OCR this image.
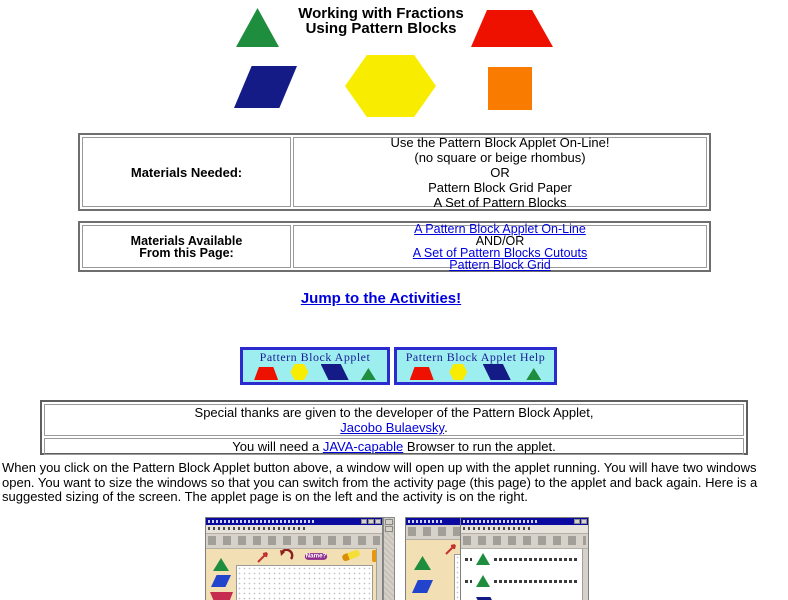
Working with Fractions
Using Pattern Blocks
Materials Needed:
Use the Pattern Block Applet On-Line!
(no square or beige rhombus)
OR
Pattern Block Grid Paper
A Set of Pattern Blocks
Materials Available
From this Page:
A Pattern Block Applet On-Line
AND/OR
A Set of Pattern Blocks Cutouts
Pattern Block Grid
Jump to the Activities!
Pattern Block Applet	Pattern Block Applet Help
Special thanks are given to the developer of the Pattern Block Applet,
Jacobo Bulaevsky.
You will need a JAVA-capable Browser to run the applet.
When you click on the Pattern Block Applet button above, a window will open up with the applet running. You will have two windows open. You want to size the windows so that you can switch from the activity page (this page) to the applet and back again. Here is a suggested sizing of the screen. The applet page is on the left and the activity is on the right.
Name?
